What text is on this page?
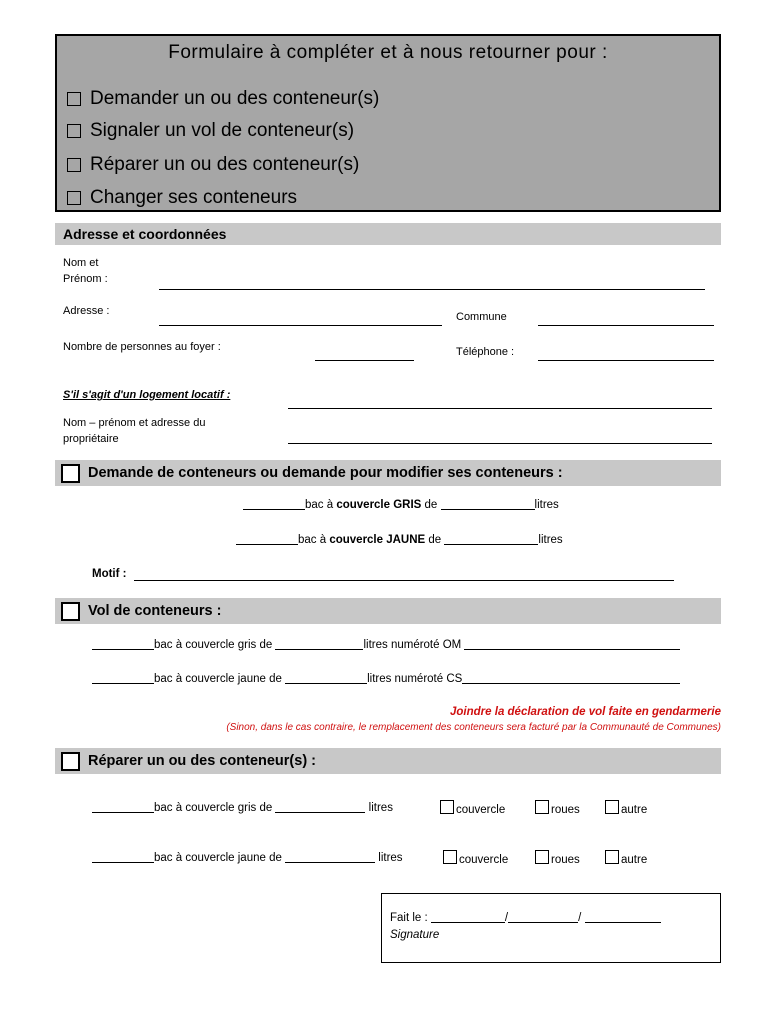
Formulaire à compléter et à nous retourner pour :
Demander un ou des conteneur(s)
Signaler un vol de conteneur(s)
Réparer un ou des conteneur(s)
Changer ses conteneurs
Adresse et coordonnées
Nom et
Prénom :
Adresse :	Commune
Nombre de personnes au foyer :	Téléphone :
S'il s'agit d'un logement locatif :
Nom – prénom et adresse du
propriétaire
Demande de conteneurs ou demande pour modifier ses conteneurs :
bac à couvercle GRIS de	litres
bac à couvercle JAUNE de	litres
Motif :
Vol de conteneurs :
bac à couvercle gris de	litres numéroté OM
bac à couvercle jaune de	litres numéroté CS
Joindre la déclaration de vol faite en gendarmerie
(Sinon, dans le cas contraire, le remplacement des conteneurs sera facturé par la Communauté de Communes)
Réparer un ou des conteneur(s) :
bac à couvercle gris de	litres	couvercle	roues	autre
bac à couvercle jaune de	litres	couvercle	roues	autre
Fait le :	/	/
Signature
